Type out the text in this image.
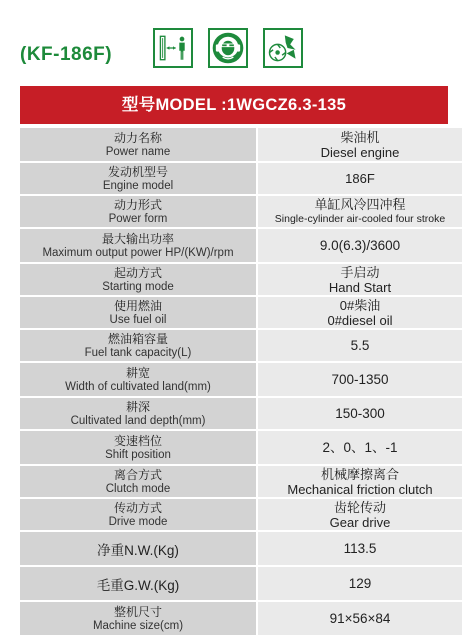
(KF-186F)
型号MODEL :1WGCZ6.3-135
动力名称
Power name	柴油机
Diesel engine

发动机型号
Engine model	186F

动力形式
Power form	单缸风冷四冲程
Single-cylinder air-cooled four stroke

最大输出功率
Maximum output power HP/(KW)/rpm	9.0(6.3)/3600

起动方式
Starting mode	手启动
Hand Start

使用燃油
Use fuel oil	0#柴油
0#diesel oil

燃油箱容量
Fuel tank capacity(L)	5.5

耕宽
Width of cultivated land(mm)	700-1350

耕深
Cultivated land depth(mm)	150-300

变速档位
Shift position	2、0、1、-1

离合方式
Clutch mode	机械摩擦离合
Mechanical friction clutch

传动方式
Drive mode	齿轮传动
Gear drive

净重N.W.(Kg)	113.5

毛重G.W.(Kg)	129

整机尺寸
Machine size(cm)	91×56×84
